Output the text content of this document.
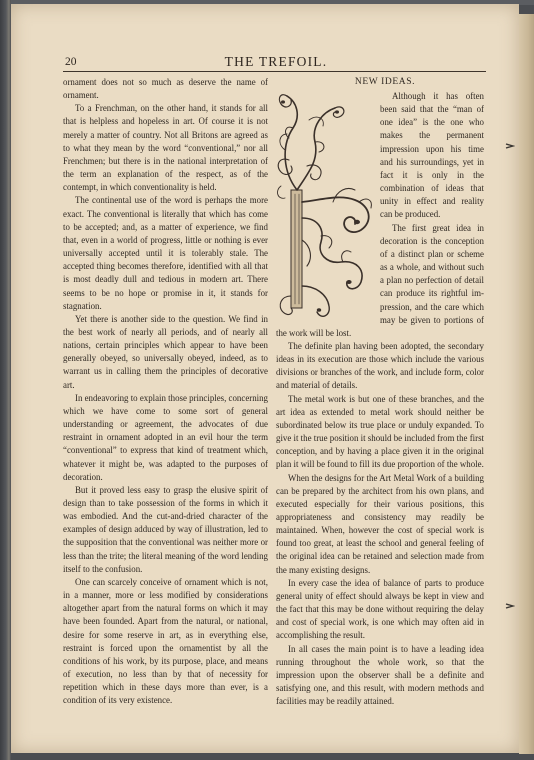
20	THE TREFOIL.

ornament does not so much as deserve the name of ornament.

To a Frenchman, on the other hand, it stands for all that is helpless and hopeless in art. Of course it is not merely a matter of country. Not all Britons are agreed as to what they mean by the word “conventional,” nor all Frenchmen; but there is in the national interpretation of the term an explanation of the respect, as of the contempt, in which conventionality is held.

The continental use of the word is perhaps the more exact. The conventional is literally that which has come to be accepted; and, as a matter of experience, we find that, even in a world of progress, little or nothing is ever universally accepted until it is tolerably stale. The accepted thing becomes therefore, identified with all that is most deadly dull and tedious in modern art. There seems to be no hope or promise in it, it stands for stagnation.

Yet there is another side to the question. We find in the best work of nearly all periods, and of nearly all nations, certain principles which appear to have been generally obeyed, so universally obeyed, indeed, as to warrant us in calling them the principles of decorative art.

In endeavoring to explain those principles, concerning which we have come to some sort of general understanding or agreement, the advocates of due restraint in ornament adopted in an evil hour the term “conventional” to express that kind of treatment which, whatever it might be, was adapted to the purposes of decoration.

But it proved less easy to grasp the elusive spirit of design than to take possession of the forms in which it was embodied. And the cut-and-dried character of the examples of design adduced by way of illustration, led to the supposition that the conventional was neither more or less than the trite; the literal meaning of the word lending itself to the confusion.

One can scarcely conceive of ornament which is not, in a manner, more or less modified by considerations altogether apart from the natural forms on which it may have been founded. Apart from the natural, or national, desire for some reserve in art, as in everything else, restraint is forced upon the ornamentist by all the conditions of his work, by its purpose, place, and means of execution, no less than by that of necessity for repetition which in these days more than ever, is a condition of its very existence.

NEW IDEAS.

Although it has often been said that the “man of one idea” is the one who makes the permanent impression upon his time and his surroundings, yet in fact it is only in the combination of ideas that unity in effect and reality can be produced.

The first great idea in decoration is the conception of a distinct plan or scheme as a whole, and without such a plan no perfection of detail can produce its rightful impression, and the care which may be given to portions of the work will be lost.

The definite plan having been adopted, the secondary ideas in its execution are those which include the various divisions or branches of the work, and include form, color and material of details.

The metal work is but one of these branches, and the art idea as extended to metal work should neither be subordinated below its true place or unduly expanded. To give it the true position it should be included from the first conception, and by having a place given it in the original plan it will be found to fill its due proportion of the whole.

When the designs for the Art Metal Work of a building can be prepared by the architect from his own plans, and executed especially for their various positions, this appropriateness and consistency may readily be maintained. When, however the cost of special work is found too great, at least the school and general feeling of the original idea can be retained and selection made from the many existing designs.

In every case the idea of balance of parts to produce general unity of effect should always be kept in view and the fact that this may be done without requiring the delay and cost of special work, is one which may often aid in accomplishing the result.

In all cases the main point is to have a leading idea running throughout the whole work, so that the impression upon the observer shall be a definite and satisfying one, and this result, with modern methods and facilities may be readily attained.
